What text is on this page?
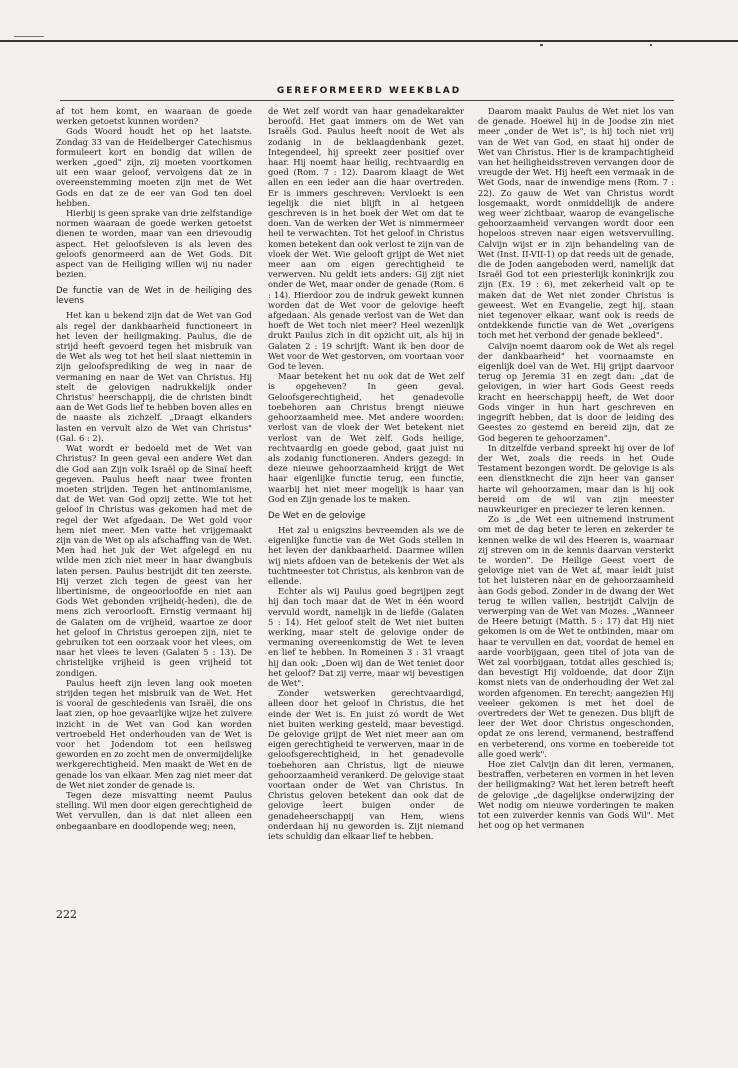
GEREFORMEERD WEEKBLAD

af tot hem komt, en waaraan de goede werken getoetst kunnen worden?

Gods Woord houdt het op het laatste. Zondag 33 van de Heidelberger Catechismus formuleert kort en bondig dat willen de werken „goed" zijn, zij moeten voortkomen uit een waar geloof, vervolgens dat ze in overeenstemming moeten zijn met de Wet Gods en dat ze de eer van God ten doel hebben.

Hierbij is geen sprake van drie zelfstandige normen waaraan de goede werken getoetst dienen te worden, maar van een drievoudig aspect. Het geloofsleven is als leven des geloofs genormeerd aan de Wet Gods. Dit aspect van de Heiliging willen wij nu nader bezien.

De functie van de Wet in de heiliging des levens

Het kan u bekend zijn dat de Wet van God als regel der dankbaarheid functioneert in het leven der heiligmaking. Paulus, die de strijd heeft gevoerd tegen het misbruik van de Wet als weg tot het heil slaat niettemin in zijn geloofsprediking de weg in naar de vermaning en naar de Wet van Christus. Hij stelt de gelovigen nadrukkelijk onder Christus' heerschappij, die de christen bindt aan de Wet Gods lief te hebben boven alles en de naaste als zichzelf. „Draagt elkanders lasten en vervult alzo de Wet van Christus" (Gal. 6 : 2).

Wat wordt er bedoeld met de Wet van Christus? In geen geval een andere Wet dan die God aan Zijn volk Israël op de Sinaï heeft gegeven. Paulus heeft naar twee fronten moeten strijden. Tegen het antinomianisme, dat de Wet van God opzij zette. Wie tot het geloof in Christus was gekomen had met de regel der Wet afgedaan. De Wet gold voor hem niet meer. Men vatte het vrijgemaakt zijn van de Wet op als afschaffing van de Wet. Men had het juk der Wet afgelegd en nu wilde men zich niet meer in haar dwangbuis laten persen. Paulus bestrijdt dit ten zeerste. Hij verzet zich tegen de geest van her libertinisme, de ongeoorloofde en niet aan Gods Wet gebonden vrijheid(-heden), die de mens zich veroorlooft. Ernstig vermaant hij de Galaten om de vrijheid, waartoe ze door het geloof in Christus geroepen zijn, niet te gebruiken tot een oorzaak voor het vlees, om naar het vlees te leven (Galaten 5 : 13). De christelijke vrijheid is geen vrijheid tot zondigen.

Paulus heeft zijn leven lang ook moeten strijden tegen het misbruik van de Wet. Het is vooral de geschiedenis van Israël, die ons laat zien, op hoe gevaarlijke wijze het zuivere inzicht in de Wet van God kan worden vertroebeld Het onderhouden van de Wet is voor het Jodendom tot een heilsweg geworden en zo zocht men de onvermijdelijke werkgerechtigheid. Men maakt de Wet en de genade los van elkaar. Men zag niet meer dat de Wet niet zonder de genade is.

Tegen deze misvatting neemt Paulus stelling. Wil men door eigen gerechtigheid de Wet vervullen, dan is dat niet alleen een onbegaanbare en doodlopende weg; neen,

de Wet zelf wordt van haar genadekarakter beroofd. Het gaat immers om de Wet van Israëls God. Paulus heeft nooit de Wet als zodanig in de beklaagdenbank gezet. Integendeel, hij spreekt zeer positief over haar. Hij noemt haar heilig, rechtvaardig en goed (Rom. 7 : 12). Daarom klaagt de Wet allen en een ieder aan die haar overtreden. Er is immers geschreven: Vervloekt is een iegelijk die niet blijft in al hetgeen geschreven is in het boek der Wet om dat te doen. Van de werken der Wet is nimmermeer heil te verwachten. Tot het geloof in Christus komen betekent dan ook verlost te zijn van de vloek der Wet. Wie gelooft grijpt de Wet niet meer aan om eigen gerechtigheid te verwerven. Nu geldt iets anders: Gij zijt niet onder de Wet, maar onder de genade (Rom. 6 : 14). Hierdoor zou de indruk gewekt kunnen worden dat de Wet voor de gelovige heeft afgedaan. Als genade verlost van de Wet dan hoeft de Wet toch niet meer? Heel wezenlijk drukt Paulus zich in dit opzicht uit, als hij in Galaten 2 : 19 schrijft: Want ik ben door de Wet voor de Wet gestorven, om voortaan voor God te leven.

Maar betekent het nu ook dat de Wet zelf is opgeheven? In geen geval. Geloofsgerechtigheid, het genadevolle toebehoren aan Christus brengt nieuwe gehoorzaamheid mee. Met andere woorden: verlost van de vloek der Wet betekent niet verlost van de Wet zèlf. Gods heilige, rechtvaardig en goede gebod, gaat juist nu als zodanig functioneren. Anders gezegd: in deze nieuwe gehoorzaamheid krijgt de Wet haar eigenlijke functie terug, een functie, waarbij het niet meer mogelijk is haar van God en Zijn genade los te maken.

De Wet en de gelovige

Het zal u enigszins bevreemden als we de eigenlijke functie van de Wet Gods stellen in het leven der dankbaarheid. Daarmee willen wij niets afdoen van de betekenis der Wet als tuchtmeester tot Christus, als kenbron van de ellende.

Echter als wij Paulus goed begrijpen zegt hij dan toch maar dat de Wet in één woord vervuld wordt, namelijk in de liefde (Galaten 5 : 14). Het geloof stelt de Wet niet buiten werking, maar stelt de gelovige onder de vermaning overeenkomstig de Wet te leven en lief te hebben. In Romeinen 3 : 31 vraagt hij dan ook: „Doen wij dan de Wet teniet door het geloof? Dat zij verre, maar wij bevestigen de Wet".

Zonder wetswerken gerechtvaardigd, alleen door het geloof in Christus, die het einde der Wet is. En juist zó wordt de Wet niet buiten werking gesteld, maar bevestigd. De gelovige grijpt de Wet niet meer aan om eigen gerechtigheid te verwerven, maar in de geloofsgerechtigheid, in het genadevolle toebehoren aan Christus, ligt de nieuwe gehoorzaamheid verankerd. De gelovige staat voortaan onder de Wet van Christus. In Christus geloven betekent dan ook dat de gelovige leert buigen onder de genadeheerschappij van Hem, wiens onderdaan hij nu geworden is. Zijt niemand iets schuldig dan elkaar lief te hebben.

Daarom maakt Paulus de Wet niet los van de genade. Hoewel hij in de Joodse zin niet meer „onder de Wet is", is hij toch niet vrij van de Wet van God, en staat hij onder de Wet van Christus. Hier is de krampachtigheid van het heiligheidsstreven vervangen door de vreugde der Wet. Hij heeft een vermaak in de Wet Gods, naar de inwendige mens (Rom. 7 : 22). Zo gauw de Wet van Christus wordt losgemaakt, wordt onmiddellijk de andere weg weer zichtbaar, waarop de evangelische gehoorzaamheid vervangen wordt door een hopeloos streven naar eigen wetsvervulling. Calvijn wijst er in zijn behandeling van de Wet (Inst. II-VII-1) op dat reeds uit de genade, die de Joden aangeboden werd, namelijk dat Israël God tot een priesterlijk koninkrijk zou zijn (Ex. 19 : 6), met zekerheid valt op te maken dat de Wet niet zonder Christus is geweest. Wet en Evangelie, zegt hij, staan niet tegenover elkaar, want ook is reeds de ontdekkende functie van de Wet „overigens toch met het verbond der genade bekleed".

Calvijn noemt daarom ook de Wet als regel der dankbaarheid" het voornaamste en eigenlijk doel van de Wet. Hij grijpt daarvoor terug op Jeremia 31 en zegt dan: „dat de gelovigen, in wier hart Gods Geest reeds kracht en heerschappij heeft, de Wet door Gods vinger in hun hart geschreven en ingegrift hebben, dat is door de leiding des Geestes zo gestemd en bereid zijn, dat ze God begeren te gehoorzamen".

In ditzelfde verband spreekt hij over de lof der Wet, zoals die reeds in het Oude Testament bezongen wordt. De gelovige is als een dienstknecht die zijn heer van ganser harte wil gehoorzamen, maar dan is hij ook bereid om de wil van zijn meester nauwkeuriger en preciezer te leren kennen.

Zo is „de Wet een uitnemend instrument om met de dag beter te leren en zekerder te kennen welke de wil des Heeren is, waarnaar zij streven om in de kennis daarvan versterkt te worden". De Heilige Geest voert de gelovige niet van de Wet af, maar leidt juist tot het luisteren nàar en de gehoorzaamheid àan Gods gebod. Zonder in de dwang der Wet terug te willen vallen, bestrijdt Calvijn de verwerping van de Wet van Mozes. „Wanneer de Heere betuigt (Matth. 5 : 17) dat Hij niet gekomen is om de Wet te ontbinden, maar om haar te vervullen en dat, voordat de hemel en aarde voorbijgaan, geen titel of jota van de Wet zal voorbijgaan, totdat alles geschied is; dan bevestigt Hij voldoende, dat door Zijn komst niets van de onderhouding der Wet zal worden afgenomen. En terecht; aangezien Hij veeleer gekomen is met het doel de overtreders der Wet te genezen. Dus blijft de leer der Wet door Christus ongeschonden, opdat ze ons lerend, vermanend, bestraffend en verbeterend, ons vorme en toebereide tot alle goed werk".

Hoe ziet Calvijn dan dit leren, vermanen, bestraffen, verbeteren en vormen in het leven der heiligmaking? Wat het leren betreft heeft de gelovige „de dagelijkse onderwijzing der Wet nodig om nieuwe vorderingen te maken tot een zuiverder kennis van Gods Wil". Met het oog op het vermanen

222
